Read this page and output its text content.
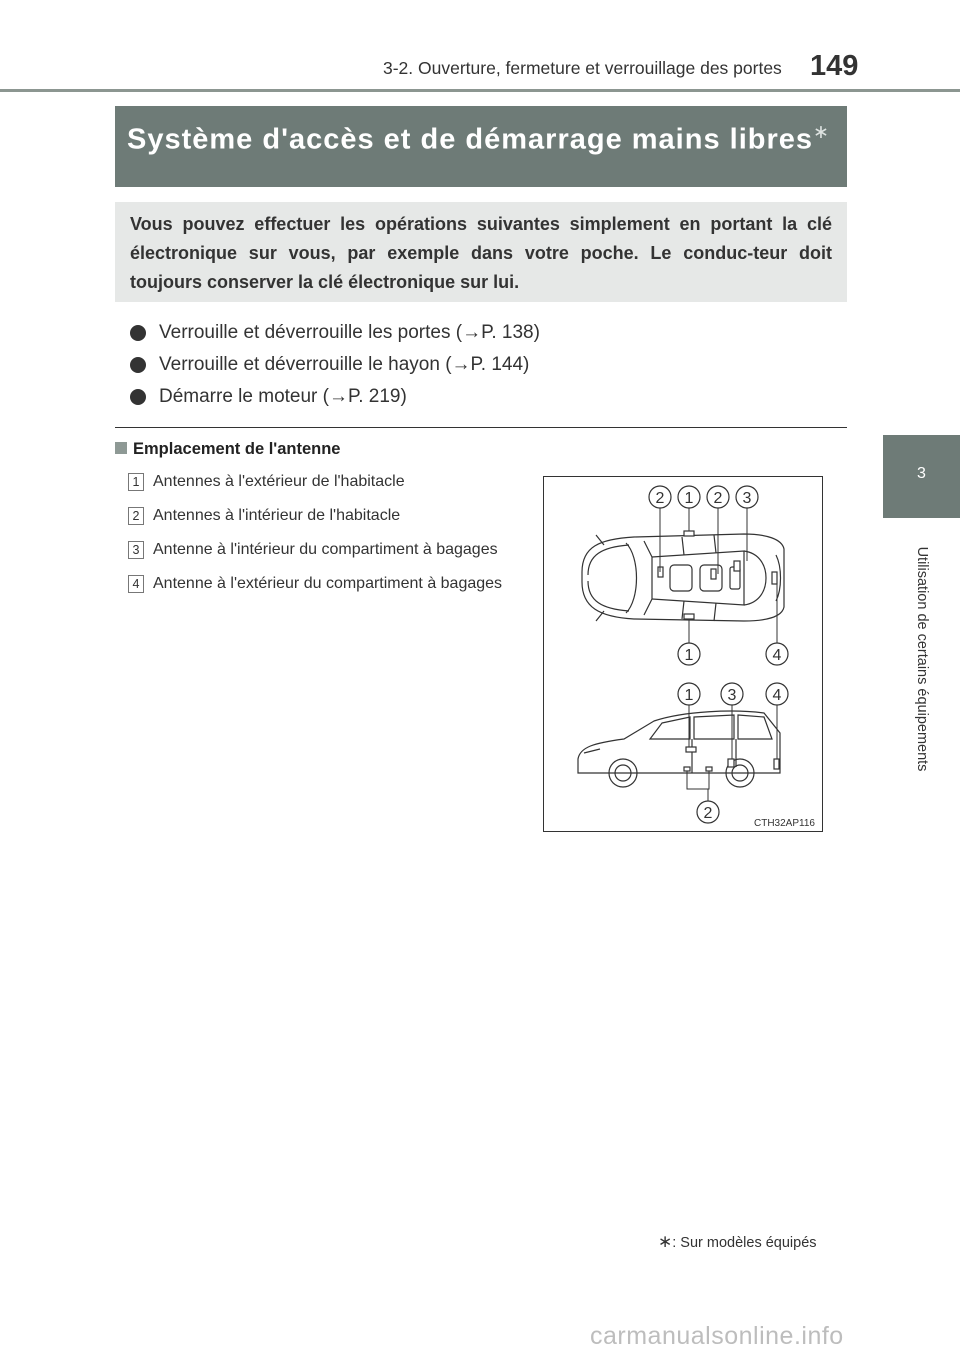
3-2. Ouverture, fermeture et verrouillage des portes 149
3
Utilisation de certains équipements
Système d'accès et de démarrage mains libres∗
Vous pouvez effectuer les opérations suivantes simplement en portant la clé électronique sur vous, par exemple dans votre poche. Le conduc-teur doit toujours conserver la clé électronique sur lui.
Verrouille et déverrouille les portes (→P. 138)
Verrouille et déverrouille le hayon (→P. 144)
Démarre le moteur (→P. 219)
Emplacement de l'antenne
1 Antennes à l'extérieur de l'habitacle
2 Antennes à l'intérieur de l'habitacle
3 Antenne à l'intérieur du compartiment à bagages
4 Antenne à l'extérieur du compartiment à bagages
2 1 2 3
1	4
1 3 4
2
CTH32AP116
∗: Sur modèles équipés
carmanualsonline.info
